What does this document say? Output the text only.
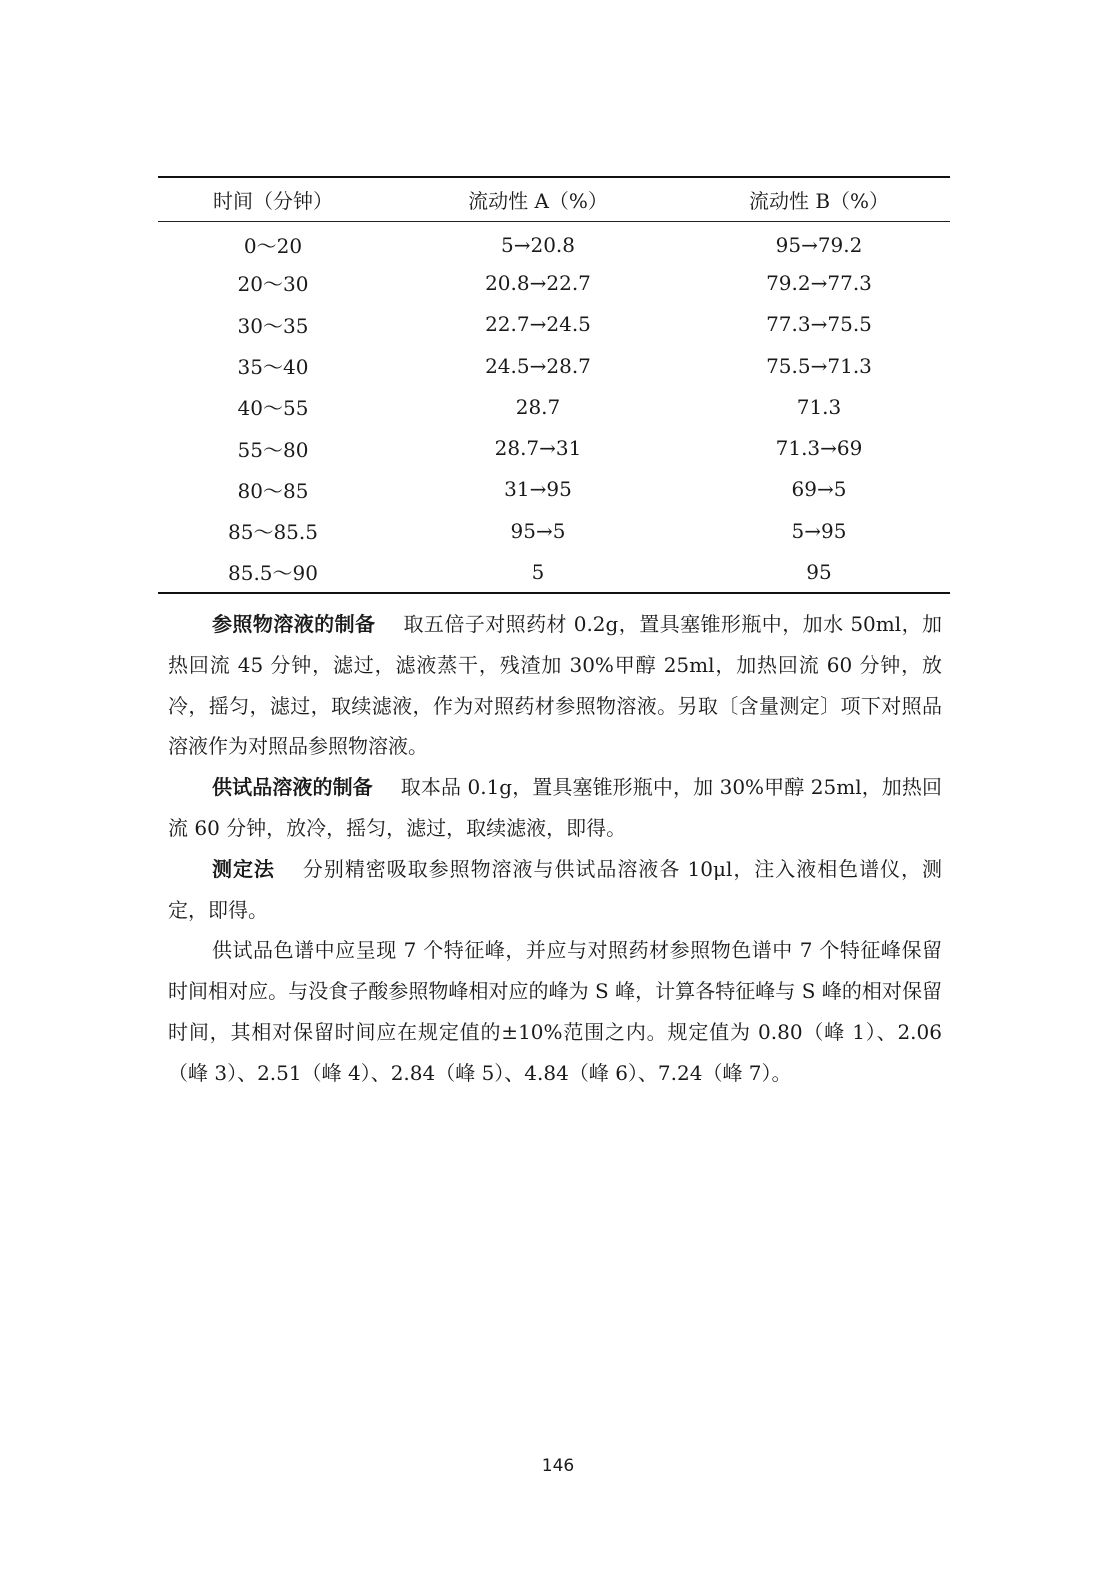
时间（分钟）	流动性 A（%）	流动性 B（%）
0～20	5→20.8	95→79.2
20～30	20.8→22.7	79.2→77.3
30～35	22.7→24.5	77.3→75.5
35～40	24.5→28.7	75.5→71.3
40～55	28.7	71.3
55～80	28.7→31	71.3→69
80～85	31→95	69→5
85～85.5	95→5	5→95
85.5～90	5	95

参照物溶液的制备 取五倍子对照药材 0.2g，置具塞锥形瓶中，加水 50ml，加热回流 45 分钟，滤过，滤液蒸干，残渣加 30%甲醇 25ml，加热回流 60 分钟，放冷，摇匀，滤过，取续滤液，作为对照药材参照物溶液。另取〔含量测定〕项下对照品溶液作为对照品参照物溶液。

供试品溶液的制备 取本品 0.1g，置具塞锥形瓶中，加 30%甲醇 25ml，加热回流 60 分钟，放冷，摇匀，滤过，取续滤液，即得。

测定法 分别精密吸取参照物溶液与供试品溶液各 10μl，注入液相色谱仪，测定，即得。

供试品色谱中应呈现 7 个特征峰，并应与对照药材参照物色谱中 7 个特征峰保留时间相对应。与没食子酸参照物峰相对应的峰为 S 峰，计算各特征峰与 S 峰的相对保留时间，其相对保留时间应在规定值的±10%范围之内。规定值为 0.80（峰 1）、2.06（峰 3）、2.51（峰 4）、2.84（峰 5）、4.84（峰 6）、7.24（峰 7）。

146
